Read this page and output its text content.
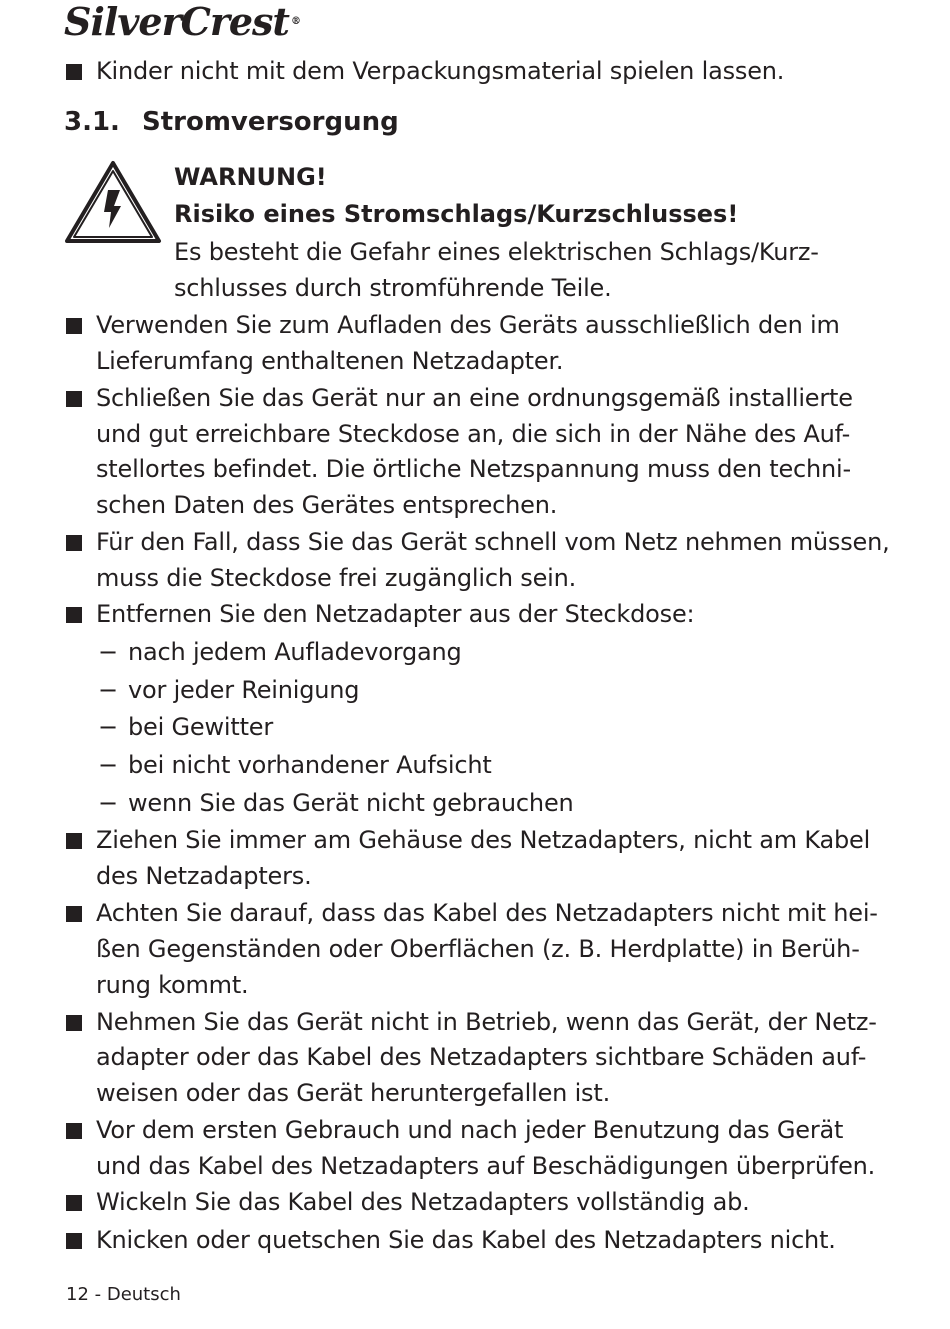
SilverCrest ®
Kinder nicht mit dem Verpackungsmaterial spielen lassen.
3.1. Stromversorgung
WARNUNG!
Risiko eines Stromschlags/Kurzschlusses!
Es besteht die Gefahr eines elektrischen Schlags/Kurz-
schlusses durch stromführende Teile.
Verwenden Sie zum Aufladen des Geräts ausschließlich den im
Lieferumfang enthaltenen Netzadapter.
Schließen Sie das Gerät nur an eine ordnungsgemäß installierte
und gut erreichbare Steckdose an, die sich in der Nähe des Auf-
stellortes befindet. Die örtliche Netzspannung muss den techni-
schen Daten des Gerätes entsprechen.
Für den Fall, dass Sie das Gerät schnell vom Netz nehmen müssen,
muss die Steckdose frei zugänglich sein.
Entfernen Sie den Netzadapter aus der Steckdose:
− nach jedem Aufladevorgang
− vor jeder Reinigung
− bei Gewitter
− bei nicht vorhandener Aufsicht
− wenn Sie das Gerät nicht gebrauchen
Ziehen Sie immer am Gehäuse des Netzadapters, nicht am Kabel
des Netzadapters.
Achten Sie darauf, dass das Kabel des Netzadapters nicht mit hei-
ßen Gegenständen oder Oberflächen (z. B. Herdplatte) in Berüh-
rung kommt.
Nehmen Sie das Gerät nicht in Betrieb, wenn das Gerät, der Netz-
adapter oder das Kabel des Netzadapters sichtbare Schäden auf-
weisen oder das Gerät heruntergefallen ist.
Vor dem ersten Gebrauch und nach jeder Benutzung das Gerät
und das Kabel des Netzadapters auf Beschädigungen überprüfen.
Wickeln Sie das Kabel des Netzadapters vollständig ab.
Knicken oder quetschen Sie das Kabel des Netzadapters nicht.
12 - Deutsch
